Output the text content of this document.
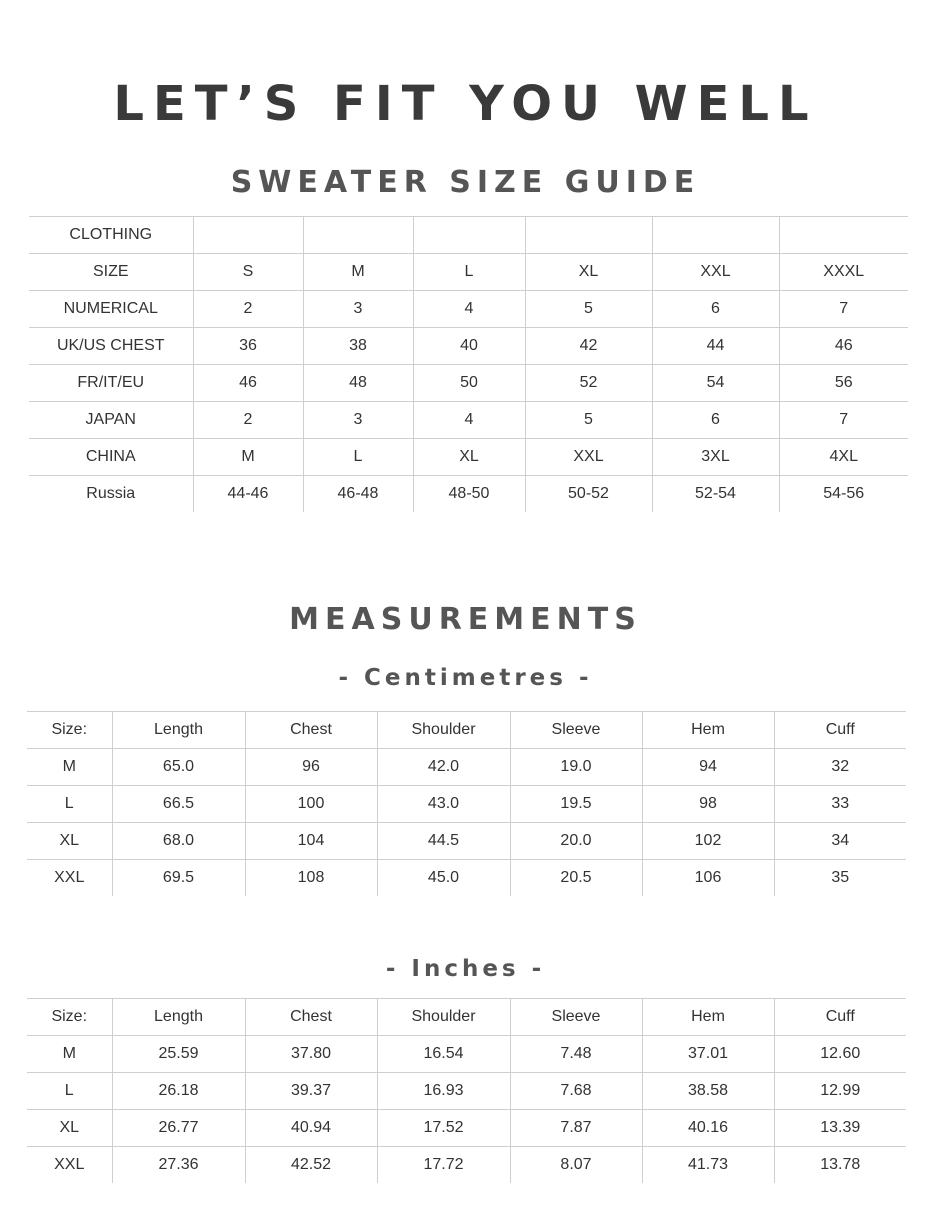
LET’S FIT YOU WELL
SWEATER SIZE GUIDE
CLOTHING						
SIZE	S	M	L	XL	XXL	XXXL
NUMERICAL	2	3	4	5	6	7
UK/US CHEST	36	38	40	42	44	46
FR/IT/EU	46	48	50	52	54	56
JAPAN	2	3	4	5	6	7
CHINA	M	L	XL	XXL	3XL	4XL
Russia	44-46	46-48	48-50	50-52	52-54	54-56
MEASUREMENTS
- Centimetres -
Size:	Length	Chest	Shoulder	Sleeve	Hem	Cuff
M	65.0	96	42.0	19.0	94	32
L	66.5	100	43.0	19.5	98	33
XL	68.0	104	44.5	20.0	102	34
XXL	69.5	108	45.0	20.5	106	35
- Inches -
Size:	Length	Chest	Shoulder	Sleeve	Hem	Cuff
M	25.59	37.80	16.54	7.48	37.01	12.60
L	26.18	39.37	16.93	7.68	38.58	12.99
XL	26.77	40.94	17.52	7.87	40.16	13.39
XXL	27.36	42.52	17.72	8.07	41.73	13.78
